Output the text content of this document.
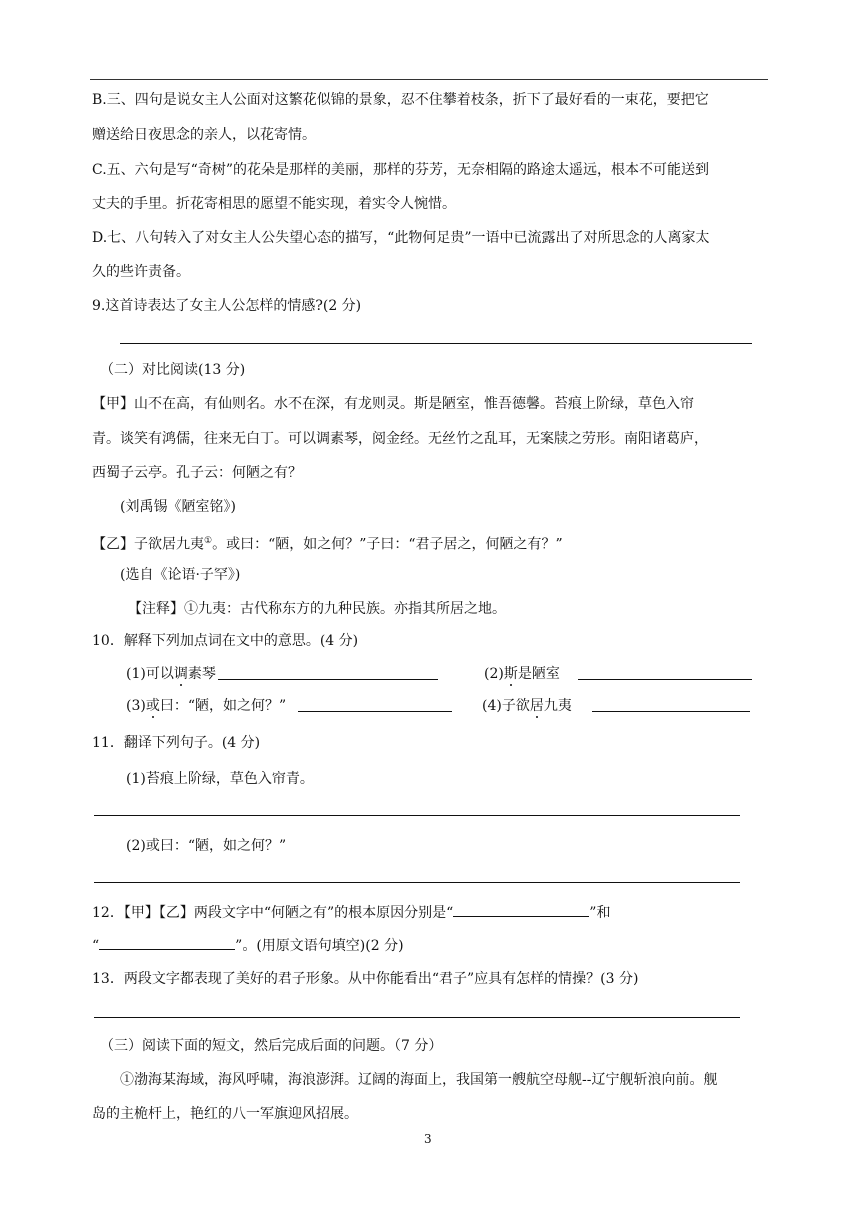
B.三、四句是说女主人公面对这繁花似锦的景象，忍不住攀着枝条，折下了最好看的一束花，要把它
赠送给日夜思念的亲人，以花寄情。
C.五、六句是写“奇树”的花朵是那样的美丽，那样的芬芳，无奈相隔的路途太遥远，根本不可能送到
丈夫的手里。折花寄相思的愿望不能实现，着实令人惋惜。
D.七、八句转入了对女主人公失望心态的描写，“此物何足贵”一语中已流露出了对所思念的人离家太
久的些许责备。
9.这首诗表达了女主人公怎样的情感?(2 分)
（二）对比阅读(13 分)
【甲】山不在高，有仙则名。水不在深，有龙则灵。斯是陋室，惟吾德馨。苔痕上阶绿，草色入帘
青。谈笑有鸿儒，往来无白丁。可以调素琴，阅金经。无丝竹之乱耳，无案牍之劳形。南阳诸葛庐，
西蜀子云亭。孔子云：何陋之有？
(刘禹锡《陋室铭》)
【乙】子欲居九夷①。或曰：“陋，如之何？”子曰：“君子居之，何陋之有？”
(选自《论语·子罕》)
【注释】①九夷：古代称东方的九种民族。亦指其所居之地。
10．解释下列加点词在文中的意思。(4 分)
(1)可以调素琴	(2)斯是陋室
(3)或曰：“陋，如之何？”	(4)子欲居九夷
11．翻译下列句子。(4 分)
(1)苔痕上阶绿，草色入帘青。
(2)或曰：“陋，如之何？”
12．【甲】【乙】两段文字中“何陋之有”的根本原因分别是“	”和
“	”。(用原文语句填空)(2 分)
13．两段文字都表现了美好的君子形象。从中你能看出“君子”应具有怎样的情操？(3 分)
（三）阅读下面的短文，然后完成后面的问题。（7 分）
①渤海某海域，海风呼啸，海浪澎湃。辽阔的海面上，我国第一艘航空母舰--辽宁舰斩浪向前。舰
岛的主桅杆上，艳红的八一军旗迎风招展。
3
